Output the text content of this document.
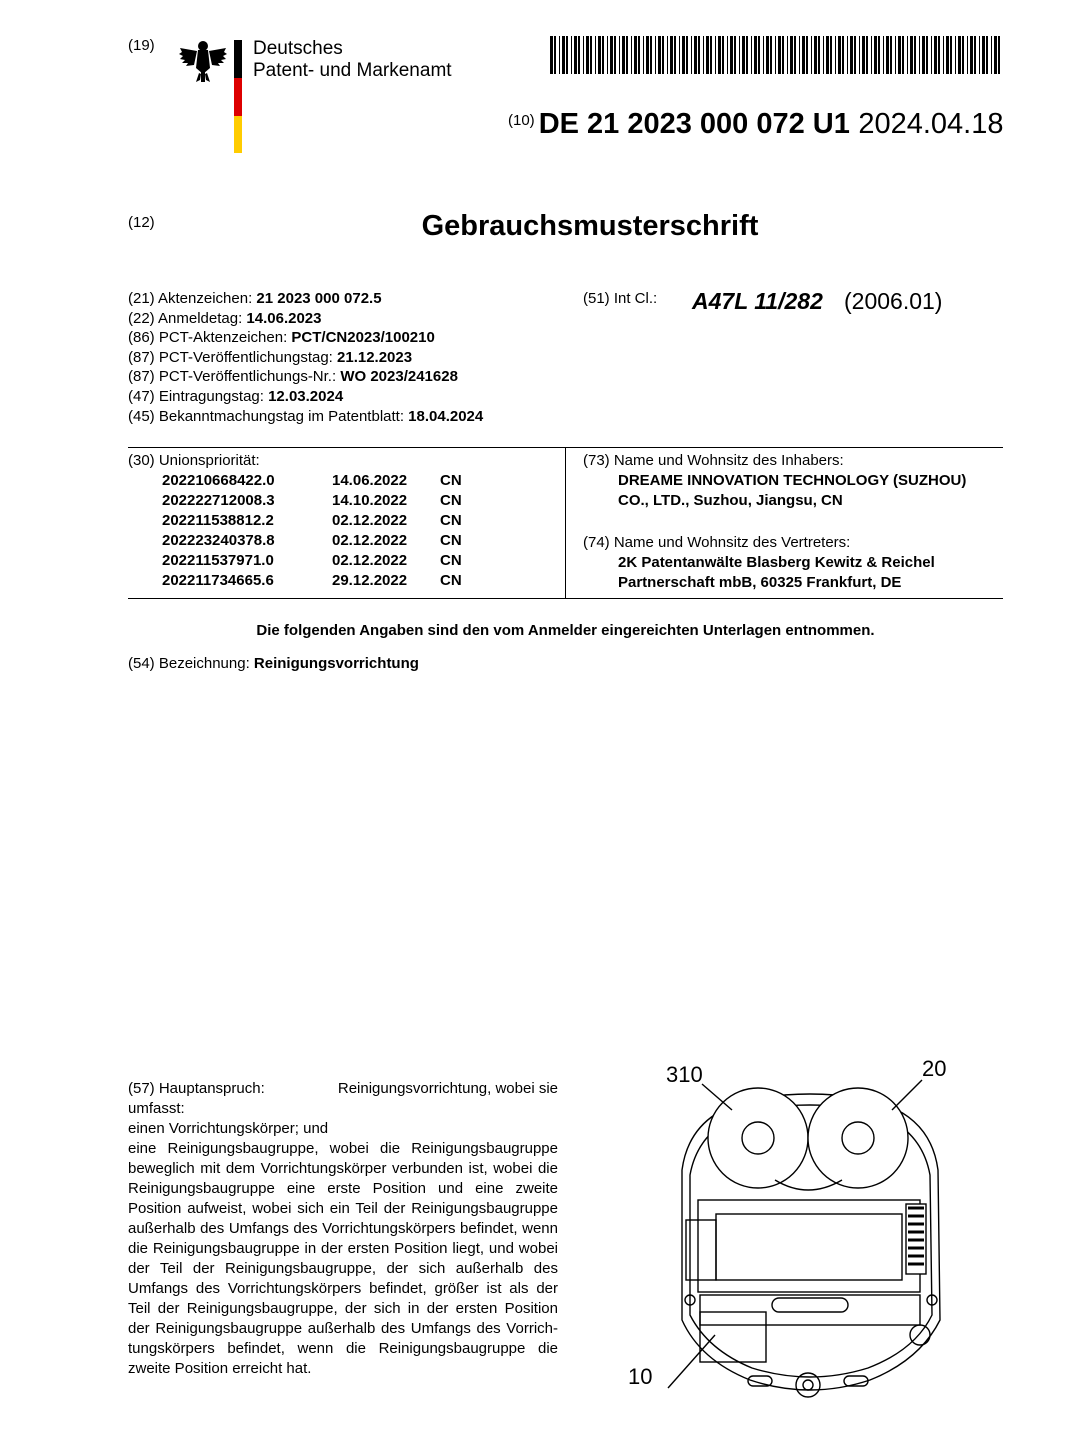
(19)	Deutsches
Patent- und Markenamt
(10) DE 21 2023 000 072 U1 2024.04.18
(12)	Gebrauchsmusterschrift
(21) Aktenzeichen: 21 2023 000 072.5
(22) Anmeldetag: 14.06.2023
(86) PCT-Aktenzeichen: PCT/CN2023/100210
(87) PCT-Veröffentlichungstag: 21.12.2023
(87) PCT-Veröffentlichungs-Nr.: WO 2023/241628
(47) Eintragungstag: 12.03.2024
(45) Bekanntmachungstag im Patentblatt: 18.04.2024
(51) Int Cl.: A47L 11/282 (2006.01)
(30) Unionspriorität:
202210668422.0	14.06.2022 CN
202222712008.3	14.10.2022 CN
202211538812.2	02.12.2022 CN
202223240378.8	02.12.2022 CN
202211537971.0	02.12.2022 CN
202211734665.6	29.12.2022 CN
(73) Name und Wohnsitz des Inhabers:
DREAME INNOVATION TECHNOLOGY (SUZHOU)
CO., LTD., Suzhou, Jiangsu, CN
(74) Name und Wohnsitz des Vertreters:
2K Patentanwälte Blasberg Kewitz & Reichel
Partnerschaft mbB, 60325 Frankfurt, DE
Die folgenden Angaben sind den vom Anmelder eingereichten Unterlagen entnommen.
(54) Bezeichnung: Reinigungsvorrichtung

(57) Hauptanspruch:	Reinigungsvorrichtung, wobei sie

umfasst:

einen Vorrichtungskörper; und

eine Reinigungsbaugruppe, wobei die Reinigungsbaugruppe beweglich mit dem Vorrichtungskörper verbunden ist, wobei die Reinigungsbaugruppe eine erste Position und eine zweite Position aufweist, wobei sich ein Teil der Reinigungsbaugruppe außerhalb des Umfangs des Vorrichtungskörpers befindet, wenn die Reinigungsbaugruppe in der ersten Position liegt, und wobei der Teil der Reinigungsbaugruppe, der sich außerhalb des Umfangs des Vorrichtungskörpers befindet, größer ist als der Teil der Reinigungsbaugruppe, der sich in der ersten Position der Reinigungsbaugruppe außerhalb des Umfangs des Vorrichtungskörpers befindet, wenn die Reinigungsbaugruppe die zweite Position erreicht hat.

310	20
10
